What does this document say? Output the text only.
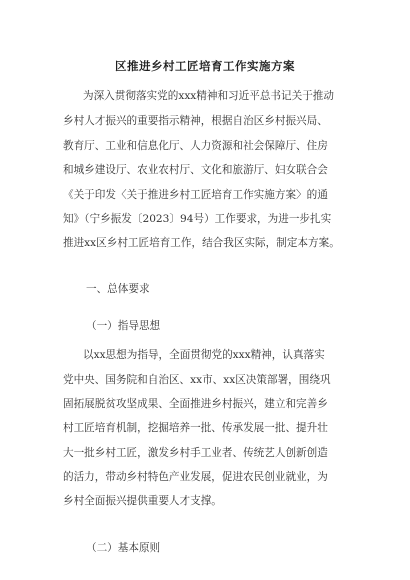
区推进乡村工匠培育工作实施方案
为深入贯彻落实党的xxx精神和习近平总书记关于推动
乡村人才振兴的重要指示精神，根据自治区乡村振兴局、
教育厅、工业和信息化厅、人力资源和社会保障厅、住房
和城乡建设厅、农业农村厅、文化和旅游厅、妇女联合会
《关于印发〈关于推进乡村工匠培育工作实施方案〉的通
知》（宁乡振发〔2023〕94号）工作要求，为进一步扎实
推进xx区乡村工匠培育工作，结合我区实际，制定本方案。
一、总体要求
（一）指导思想
以xx思想为指导，全面贯彻党的xxx精神，认真落实
党中央、国务院和自治区、xx市、xx区决策部署，围绕巩
固拓展脱贫攻坚成果、全面推进乡村振兴，建立和完善乡
村工匠培育机制，挖掘培养一批、传承发展一批、提升壮
大一批乡村工匠，激发乡村手工业者、传统艺人创新创造
的活力，带动乡村特色产业发展，促进农民创业就业，为
乡村全面振兴提供重要人才支撑。
（二）基本原则
